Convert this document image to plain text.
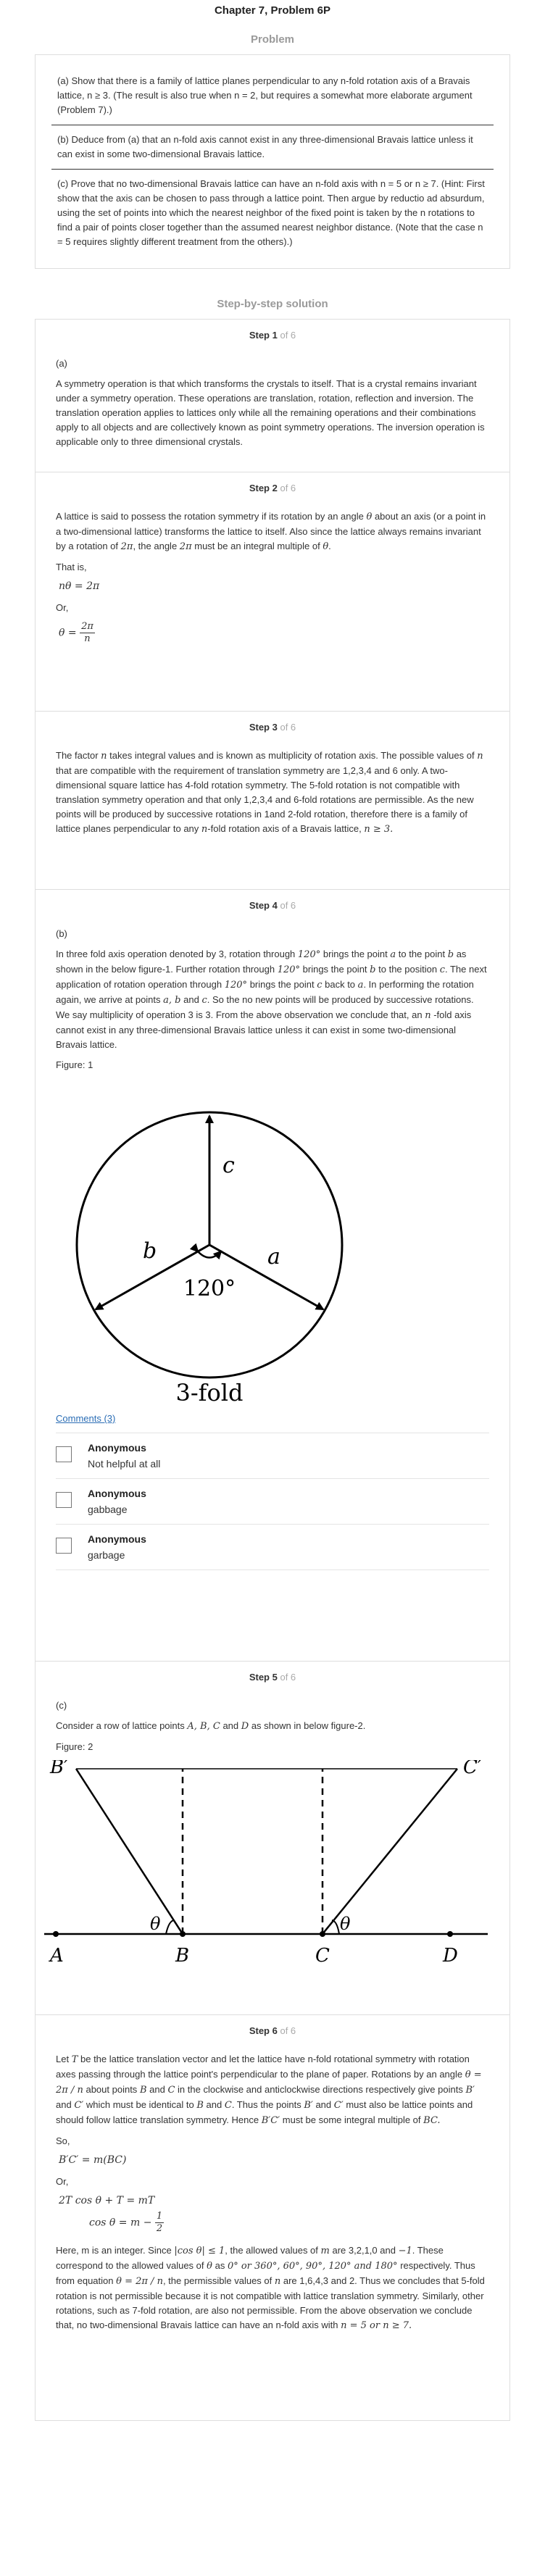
Chapter 7, Problem 6P
Problem
(a) Show that there is a family of lattice planes perpendicular to any n-fold rotation axis of a Bravais lattice, n ≥ 3. (The result is also true when n = 2, but requires a somewhat more elaborate argument (Problem 7).)
(b) Deduce from (a) that an n-fold axis cannot exist in any three-dimensional Bravais lattice unless it can exist in some two-dimensional Bravais lattice.
(c) Prove that no two-dimensional Bravais lattice can have an n-fold axis with n = 5 or n ≥ 7. (Hint: First show that the axis can be chosen to pass through a lattice point. Then argue by reductio ad absurdum, using the set of points into which the nearest neighbor of the fixed point is taken by the n rotations to find a pair of points closer together than the assumed nearest neighbor distance. (Note that the case n = 5 requires slightly different treatment from the others).)
Step-by-step solution
Step 1 of 6

(a)

A symmetry operation is that which transforms the crystals to itself. That is a crystal remains invariant under a symmetry operation. These operations are translation, rotation, reflection and inversion. The translation operation applies to lattices only while all the remaining operations and their combinations apply to all objects and are collectively known as point symmetry operations. The inversion operation is applicable only to three dimensional crystals.

Step 2 of 6

A lattice is said to possess the rotation symmetry if its rotation by an angle θ about an axis (or a point in a two-dimensional lattice) transforms the lattice to itself. Also since the lattice always remains invariant by a rotation of 2π, the angle 2π must be an integral multiple of θ.

That is,

nθ = 2π

Or,

$\theta = \frac{2\pi}{n}$
Step 3 of 6

The factor n takes integral values and is known as multiplicity of rotation axis. The possible values of n that are compatible with the requirement of translation symmetry are 1,2,3,4 and 6 only. A two-dimensional square lattice has 4-fold rotation symmetry. The 5-fold rotation is not compatible with translation symmetry operation and that only 1,2,3,4 and 6-fold rotations are permissible. As the new points will be produced by successive rotations in 1and 2-fold rotation, therefore there is a family of lattice planes perpendicular to any n-fold rotation axis of a Bravais lattice, n ≥ 3.

Step 4 of 6

(b)

In three fold axis operation denoted by 3, rotation through 120° brings the point a to the point b as shown in the below figure-1. Further rotation through 120° brings the point b to the position c. The next application of rotation operation through 120° brings the point c back to a. In performing the rotation again, we arrive at points a, b and c. So the no new points will be produced by successive rotations. We say multiplicity of operation 3 is 3. From the above observation we conclude that, an n -fold axis cannot exist in any three-dimensional Bravais lattice unless it can exist in some two-dimensional Bravais lattice.

Figure: 1

c
b	a
120°
3-fold
Comments (3)
Anonymous
Not helpful at all
Anonymous
gabbage
Anonymous
garbage
Step 5 of 6

(c)

Consider a row of lattice points A, B, C and D as shown in below figure-2.

Figure: 2

B′	C′
A	B	C	D
θ	θ
Step 6 of 6

Let T be the lattice translation vector and let the lattice have n-fold rotational symmetry with rotation axes passing through the lattice point's perpendicular to the plane of paper. Rotations by an angle θ = 2π / n about points B and C in the clockwise and anticlockwise directions respectively give points B′ and C′ which must be identical to B and C. Thus the points B′ and C′ must also be lattice points and should follow lattice translation symmetry. Hence B′C′ must be some integral multiple of BC.

So,

B′C′ = m(BC)

Or,

2T cos θ + T = mT
$\cos \theta = m - \frac{1}{2}$

Here, m is an integer. Since |cos θ| ≤ 1, the allowed values of m are 3,2,1,0 and −1. These correspond to the allowed values of θ as 0° or 360°, 60°, 90°, 120° and 180° respectively. Thus from equation θ = 2π / n, the permissible values of n are 1,6,4,3 and 2. Thus we concludes that 5-fold rotation is not permissible because it is not compatible with lattice translation symmetry. Similarly, other rotations, such as 7-fold rotation, are also not permissible. From the above observation we conclude that, no two-dimensional Bravais lattice can have an n-fold axis with n = 5 or n ≥ 7.
